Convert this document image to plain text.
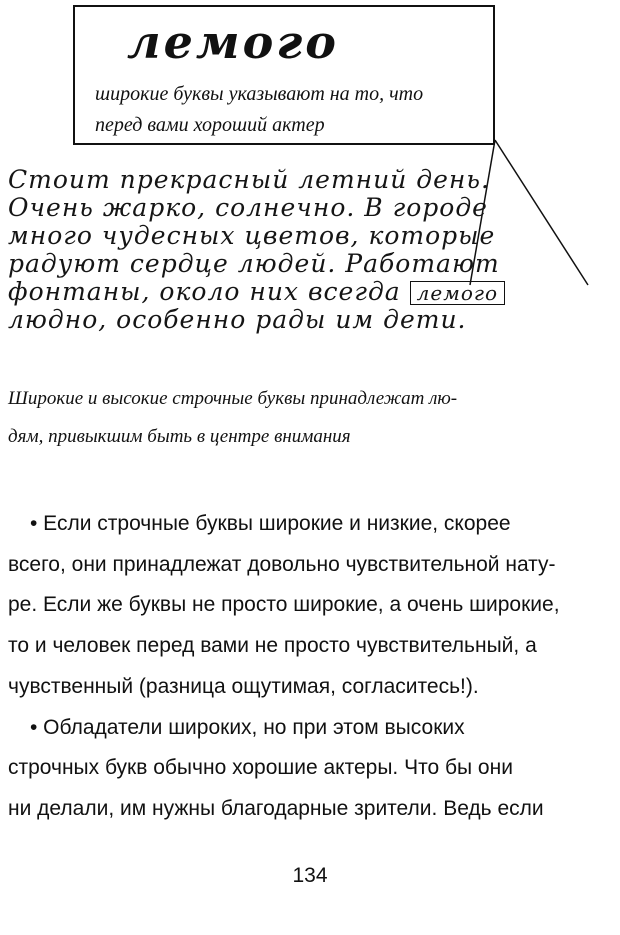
лемого
широкие буквы указывают на то, что
перед вами хороший актер
Стоит прекрасный летний день.
Очень жарко, солнечно. В городе
много чудесных цветов, которые
радуют сердце людей. Работают
фонтаны, около них всегда лемого
людно, особенно рады им дети.
Широкие и высокие строчные буквы принадлежат лю-
дям, привыкшим быть в центре внимания
• Если строчные буквы широкие и низкие, скорее
всего, они принадлежат довольно чувствительной нату-
ре. Если же буквы не просто широкие, а очень широкие,
то и человек перед вами не просто чувствительный, а
чувственный (разница ощутимая, согласитесь!).
• Обладатели широких, но при этом высоких
строчных букв обычно хорошие актеры. Что бы они
ни делали, им нужны благодарные зрители. Ведь если
134
